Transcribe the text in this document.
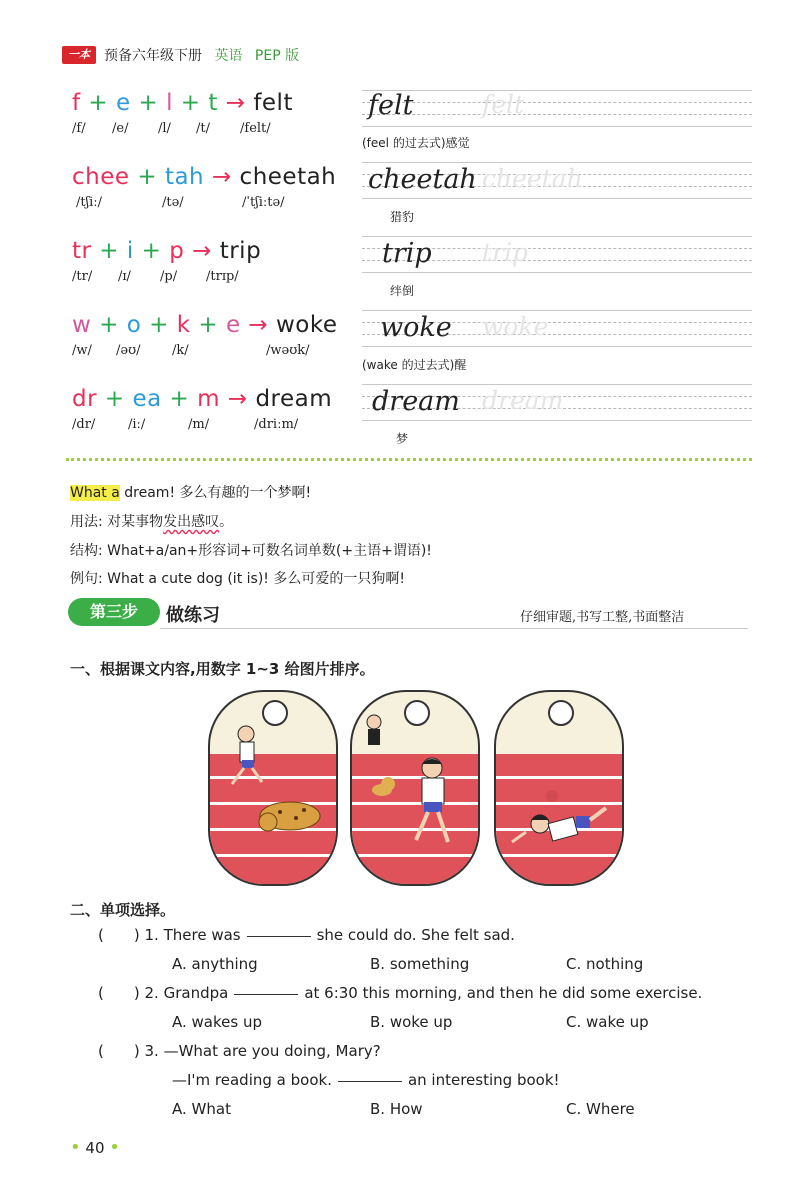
一本	预备六年级下册 英语 PEP 版
f + e + l + t → felt
/f/ /e/ /l/ /t/ /felt/
chee + tah → cheetah
/tʃiː/	/tə/	/ˈtʃiːtə/
tr + i + p → trip
/tr/ /ɪ/ /p/ /trɪp/
w + o + k + e → woke
/w/ /əʊ/ /k/	/wəʊk/
dr + ea + m → dream
/dr/	/iː/	/m/	/driːm/
felt	felt
(feel 的过去式)感觉
cheetah cheetah
猎豹
trip trip
绊倒
woke woke
(wake 的过去式)醒
dream dream
梦
What a dream! 多么有趣的一个梦啊!
用法: 对某事物发出感叹。
结构: What+a/an+形容词+可数名词单数(+主语+谓语)!
例句: What a cute dog (it is)! 多么可爱的一只狗啊!
第三步	做练习	仔细审题,书写工整,书面整洁
一、根据课文内容,用数字 1~3 给图片排序。
二、单项选择。
( ) 1. There was	she could do. She felt sad.
A. anything	B. something	C. nothing
( ) 2. Grandpa	at 6:30 this morning, and then he did some exercise.
A. wakes up	B. woke up	C. wake up
( ) 3. —What are you doing, Mary?
—I'm reading a book.	an interesting book!
A. What	B. How	C. Where
• 40 •
